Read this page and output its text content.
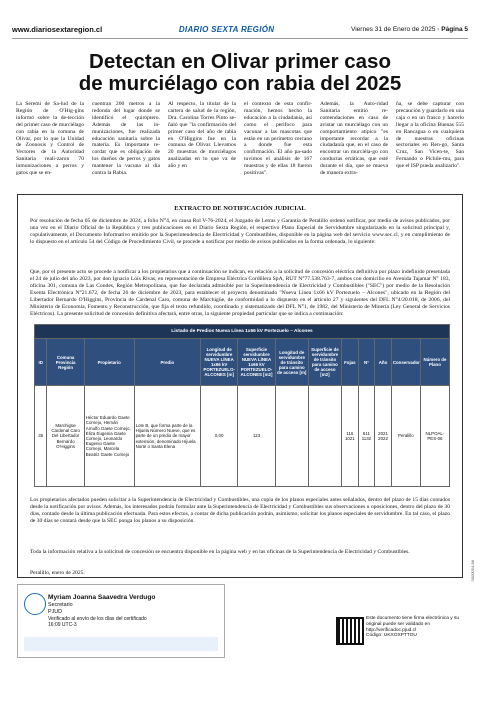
www.diariosextaregion.cl	DIARIO SEXTA REGIÓN	Viernes 31 de Enero de 2025 · Página 5
Detectan en Olivar primer caso
de murciélago con rabia del 2025

La Seremi de Sa-lud de la Región de O'Hig-gins informó sobre la de-tección del primer caso de murciélago con rabia en la comuna de Olivar, por lo que la Unidad de Zoonosis y Control de Vectores de la Autoridad Sanitaria reali-zaron 70 inmunizaciones a perros y gatos que se en-

cuentran 200 metros a la redonda del lugar donde se identificó el quiróptero. Además de las in-munizaciones, fue realizada educación sanitaria sobre la materia. Es importante re-cordar que es obligación de los dueños de perros y gatos mantener la vacuna al día contra la Rabia.

Al respecto, la titular de la cartera de salud de la región, Dra. Carolina Torres Pinto se-ñaló que "la confirmación del primer caso del año de rabia en O'Higgins fue en la comuna de Olivar. Llevamos 20 muestras de murciélagos analizadas en lo que va de año y en

el contexto de esta confir-mación, hemos hecho la educación a la ciudadanía, así como el perifoco para vacunar a las mascotas que están en un perímetro cercano a donde fue esta confirmación. El año pa-sado tuvimos el análisis de 167 muestras y de ellas 18 fueron positivas".

Además, la Auto-ridad Sanitaria emitió re-comendaciones en caso de avistar un murciélago con un comportamiento atípico "es importante recordar a la ciudadanía que, en el caso de encontrar un murciéla-go con conductas erráticas, que esté durante el día, que se mueva de manera extra-

ña, se debe capturar con precaución y guardarlo en una caja o en un frasco y hacerlo llegar a la oficina Buenas 555 en Rancagua o en cualquiera de nuestras oficinas sectoriales en Ren-go, Santa Cruz, San Vicen-te, San Fernando o Pichile-mu, para que el ISP pueda analizarlo".

EXTRACTO DE NOTIFICACIÓN JUDICIAL

Por resolución de fecha 05 de diciembre de 2024, a folio N°4, en causa Rol V-76-2024, el Juzgado de Letras y Garantía de Peralillo ordenó notificar, por medio de avisos publicados, por una vez en el Diario Oficial de la República y tres publicaciones en el Diario Sexta Región, el respectivo Plano Especial de Servidumbre singularizado en la solicitud principal y, copulativamente, el Documento Informativo emitido por la Superintendencia de Electricidad y Combustibles, disponible en la página web del servicio www.sec.cl, y en cumplimiento de lo dispuesto en el artículo 54 del Código de Procedimiento Civil, se procede a notificar por medio de avisos publicados en la forma ordenada, lo siguiente:

Que, por el presente acto se procede a notificar a los propietarios que a continuación se indican, en relación a la solicitud de concesión eléctrica definitiva por plazo indefinido presentada el 24 de julio del año 2023, por don Ignacio Loïs Rivas, en representación de Empresa Eléctrica Cordillera SpA, RUT N°77.538.763-7, ambos con domicilio en Avenida Tajamar N° 183, oficina 301, comuna de Las Condes, Región Metropolitana, que fue declarada admisible por la Superintendencia de Electricidad y Combustibles ("SEC") por medio de la Resolución Exenta Electrónica N°21.672, de fecha 26 de diciembre de 2023, para establecer el proyecto denominado "Nueva Línea 1x66 kV Portezuelo – Alcones", ubicado en la Región del Libertador Bernardo O'Higgins, Provincia de Cardenal Caro, comuna de Marchigüe, de conformidad a lo dispuesto en el artículo 27 y siguientes del DFL N°4/20.018, de 2006, del Ministerio de Economía, Fomento y Reconstrucción, que fija el texto refundido, coordinado y sistematizado del DFL N°1, de 1982, del Ministerio de Minería (Ley General de Servicios Eléctricos). La presente solicitud de concesión definitiva afectará, entre otras, la siguiente propiedad particular que se indica a continuación:

Listado de Predios Nueva Línea 1x66 kV Portezuelo – Alcones												
ID	Comuna Provincia Región	Propietario	Predio	Longitud de servidumbre NUEVA LÍNEA 1x66 kV PORTEZUELO-ALCONES [m]	Superficie servidumbre NUEVA LÍNEA 1x66 kV PORTEZUELO-ALCONES [m2]	Longitud de servidumbre de tránsito para camino de acceso [m]	Superficie de servidumbre de tránsito para camino de acceso [m2]	Fojas	N°	Año	Conservador	Número de Plano
35	Marchigüe Cardenal Caro Del Libertador Bernardo O'Higgins	Héctor Eduardo Gaete Cornejo, Hernán Arnulfo Gaete Cornejo, Eliza Eugenia Gaete Cornejo, Leonardo Eugenio Gaete Cornejo, Marcela Beatriz Gaete Cornejo	Lote B, que forma parte de la Hijuela Número Nueve, que es parte de un predio de mayor extensión, denominado Hijuela Norte o Santa Elena	0,00	123			116 1021	611 1132	2021 2022	Peralillo	NLPOAL-PES-06

Los propietarios afectados pueden solicitar a la Superintendencia de Electricidad y Combustibles, una copia de los planos especiales antes señalados, dentro del plazo de 15 días contados desde la notificación por avisos. Además, los interesados podrán formular ante la Superintendencia de Electricidad y Combustibles sus observaciones u oposiciones, dentro del plazo de 30 días, contado desde la última publicación efectuada. Para estos efectos, a contar de dicha publicación podrán, asimismo, solicitar los planos especiales de servidumbre. En tal caso, el plazo de 30 días se contará desde que la SEC ponga los planos a su disposición.

Toda la información relativa a la solicitud de concesión se encuentra disponible en la página web y en las oficinas de la Superintendencia de Electricidad y Combustibles.

Peralillo, enero de 2025.

Myriam Joanna Saavedra Verdugo
Secretario
PJUD
Verificado al envío de los días del certificado 16:09 UTC-3
Este documento tiene firma electrónica y su original puede ser validado en http://verificadoc.pjud.cl
Código: UKXOXPTTOU
0000054-88
